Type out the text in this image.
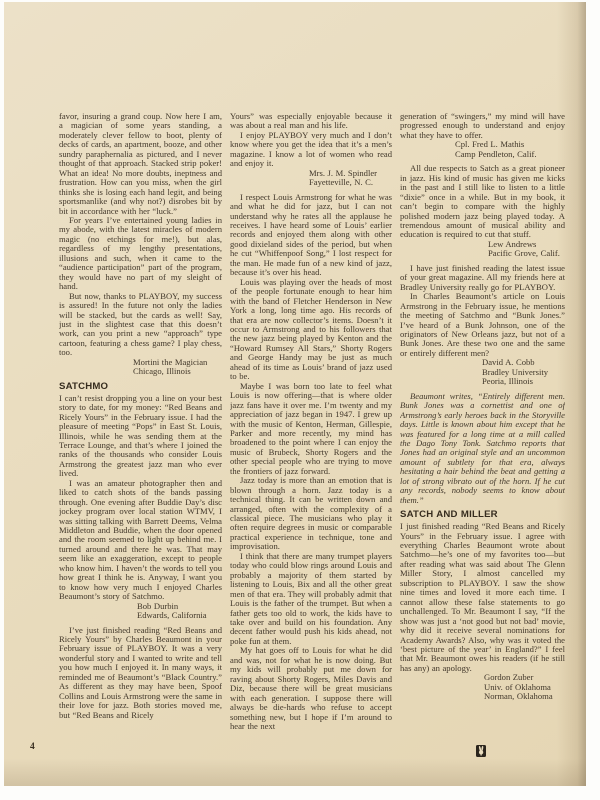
favor, insuring a grand coup. Now here I am, a magician of some years standing, a moderately clever fellow to boot, plenty of decks of cards, an apartment, booze, and other sundry paraphernalia as pictured, and I never thought of that approach. Stacked strip poker! What an idea! No more doubts, ineptness and frustration. How can you miss, when the girl thinks she is losing each hand legit, and being sportsmanlike (and why not?) disrobes bit by bit in accordance with her “luck.”

For years I’ve entertained young ladies in my abode, with the latest miracles of modern magic (no etchings for me!), but alas, regardless of my lengthy presentations, illusions and such, when it came to the “audience participation” part of the program, they would have no part of my sleight of hand.

But now, thanks to PLAYBOY, my success is assured! In the future not only the ladies will be stacked, but the cards as well! Say, just in the slightest case that this doesn’t work, can you print a new “approach” type cartoon, featuring a chess game? I play chess, too.

Mortini the Magician
Chicago, Illinois
SATCHMO

I can’t resist dropping you a line on your best story to date, for my money: “Red Beans and Ricely Yours” in the February issue. I had the pleasure of meeting “Pops” in East St. Louis, Illinois, while he was sending them at the Terrace Lounge, and that’s where I joined the ranks of the thousands who consider Louis Armstrong the greatest jazz man who ever lived.

I was an amateur photographer then and liked to catch shots of the bands passing through. One evening after Buddie Day’s disc jockey program over local station WTMV, I was sitting talking with Barrett Deems, Velma Middleton and Buddie, when the door opened and the room seemed to light up behind me. I turned around and there he was. That may seem like an exaggeration, except to people who know him. I haven’t the words to tell you how great I think he is. Anyway, I want you to know how very much I enjoyed Charles Beaumont’s story of Satchmo.

Bob Durbin
Edwards, California

I’ve just finished reading “Red Beans and Ricely Yours” by Charles Beaumont in your February issue of PLAYBOY. It was a very wonderful story and I wanted to write and tell you how much I enjoyed it. In many ways, it reminded me of Beaumont’s “Black Country.” As different as they may have been, Spoof Collins and Louis Armstrong were the same in their love for jazz. Both stories moved me, but “Red Beans and Ricely

Yours” was especially enjoyable because it was about a real man and his life.

I enjoy PLAYBOY very much and I don’t know where you get the idea that it’s a men’s magazine. I know a lot of women who read and enjoy it.

Mrs. J. M. Spindler
Fayetteville, N. C.

I respect Louis Armstrong for what he was and what he did for jazz, but I can not understand why he rates all the applause he receives. I have heard some of Louis’ earlier records and enjoyed them along with other good dixieland sides of the period, but when he cut “Whiffenpoof Song,” I lost respect for the man. He made fun of a new kind of jazz, because it’s over his head.

Louis was playing over the heads of most of the people fortunate enough to hear him with the band of Fletcher Henderson in New York a long, long time ago. His records of that era are now collector’s items. Doesn’t it occur to Armstrong and to his followers that the new jazz being played by Kenton and the “Howard Rumsey All Stars,” Shorty Rogers and George Handy may be just as much ahead of its time as Louis’ brand of jazz used to be.

Maybe I was born too late to feel what Louis is now offering—that is where older jazz fans have it over me. I’m twenty and my appreciation of jazz began in 1947. I grew up with the music of Kenton, Herman, Gillespie, Parker and more recently, my mind has broadened to the point where I can enjoy the music of Brubeck, Shorty Rogers and the other special people who are trying to move the frontiers of jazz forward.

Jazz today is more than an emotion that is blown through a horn. Jazz today is a technical thing. It can be written down and arranged, often with the complexity of a classical piece. The musicians who play it often require degrees in music or comparable practical experience in technique, tone and improvisation.

I think that there are many trumpet players today who could blow rings around Louis and probably a majority of them started by listening to Louis, Bix and all the other great men of that era. They will probably admit that Louis is the father of the trumpet. But when a father gets too old to work, the kids have to take over and build on his foundation. Any decent father would push his kids ahead, not poke fun at them.

My hat goes off to Louis for what he did and was, not for what he is now doing. But my kids will probably put me down for raving about Shorty Rogers, Miles Davis and Diz, because there will be great musicians with each generation. I suppose there will always be die-hards who refuse to accept something new, but I hope if I’m around to hear the next

generation of “swingers,” my mind will have progressed enough to understand and enjoy what they have to offer.

Cpl. Fred L. Mathis
Camp Pendleton, Calif.

All due respects to Satch as a great pioneer in jazz. His kind of music has given me kicks in the past and I still like to listen to a little “dixie” once in a while. But in my book, it can’t begin to compare with the highly polished modern jazz being played today. A tremendous amount of musical ability and education is required to cut that stuff.

Lew Andrews
Pacific Grove, Calif.

I have just finished reading the latest issue of your great magazine. All my friends here at Bradley University really go for PLAYBOY.

In Charles Beaumont’s article on Louis Armstrong in the February issue, he mentions the meeting of Satchmo and “Bunk Jones.” I’ve heard of a Bunk Johnson, one of the originators of New Orleans jazz, but not of a Bunk Jones. Are these two one and the same or entirely different men?

David A. Cobb
Bradley University
Peoria, Illinois

Beaumont writes, “Entirely different men. Bunk Jones was a cornettist and one of Armstrong’s early heroes back in the Storyville days. Little is known about him except that he was featured for a long time at a mill called the Dago Tony Tonk. Satchmo reports that Jones had an original style and an uncommon amount of subtlety for that era, always hesitating a hair behind the beat and getting a lot of strong vibrato out of the horn. If he cut any records, nobody seems to know about them.”

SATCH AND MILLER

I just finished reading “Red Beans and Ricely Yours” in the February issue. I agree with everything Charles Beaumont wrote about Satchmo—he’s one of my favorites too—but after reading what was said about The Glenn Miller Story, I almost cancelled my subscription to PLAYBOY. I saw the show nine times and loved it more each time. I cannot allow these false statements to go unchallenged. To Mr. Beaumont I say, “If the show was just a ‘not good but not bad’ movie, why did it receive several nominations for Academy Awards? Also, why was it voted the ‘best picture of the year’ in England?” I feel that Mr. Beaumont owes his readers (if he still has any) an apology.

Gordon Zuber
Univ. of Oklahoma
Norman, Oklahoma
4
